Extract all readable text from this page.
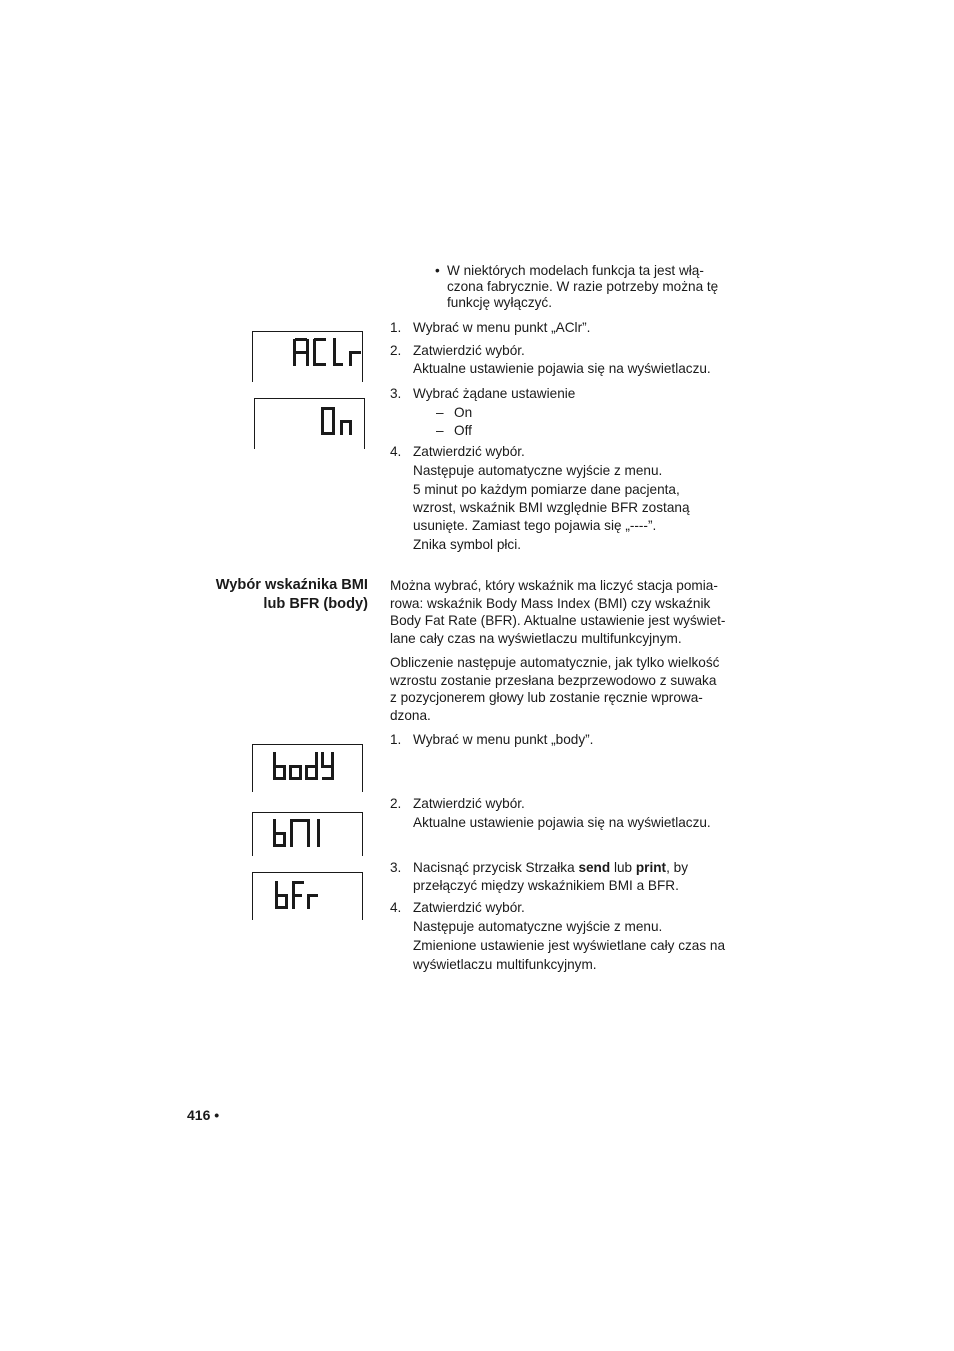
• W niektórych modelach funkcja ta jest włą-
czona fabrycznie. W razie potrzeby można tę
funkcję wyłączyć.
1. Wybrać w menu punkt „AClr”.
2. Zatwierdzić wybór.
Aktualne ustawienie pojawia się na wyświetlaczu.
3. Wybrać żądane ustawienie
– On
– Off
4. Zatwierdzić wybór.
Następuje automatyczne wyjście z menu.
5 minut po każdym pomiarze dane pacjenta,
wzrost, wskaźnik BMI względnie BFR zostaną
usunięte. Zamiast tego pojawia się „----”.
Znika symbol płci.
Wybór wskaźnika BMI
lub BFR (body)
Można wybrać, który wskaźnik ma liczyć stacja pomia-
rowa: wskaźnik Body Mass Index (BMI) czy wskaźnik
Body Fat Rate (BFR). Aktualne ustawienie jest wyświet-
lane cały czas na wyświetlaczu multifunkcyjnym.
Obliczenie następuje automatycznie, jak tylko wielkość
wzrostu zostanie przesłana bezprzewodowo z suwaka
z pozycjonerem głowy lub zostanie ręcznie wprowa-
dzona.
1. Wybrać w menu punkt „body”.
2. Zatwierdzić wybór.
Aktualne ustawienie pojawia się na wyświetlaczu.
3. Nacisnąć przycisk Strzałka send lub print, by
przełączyć między wskaźnikiem BMI a BFR.
4. Zatwierdzić wybór.
Następuje automatyczne wyjście z menu.
Zmienione ustawienie jest wyświetlane cały czas na
wyświetlaczu multifunkcyjnym.
416 •
